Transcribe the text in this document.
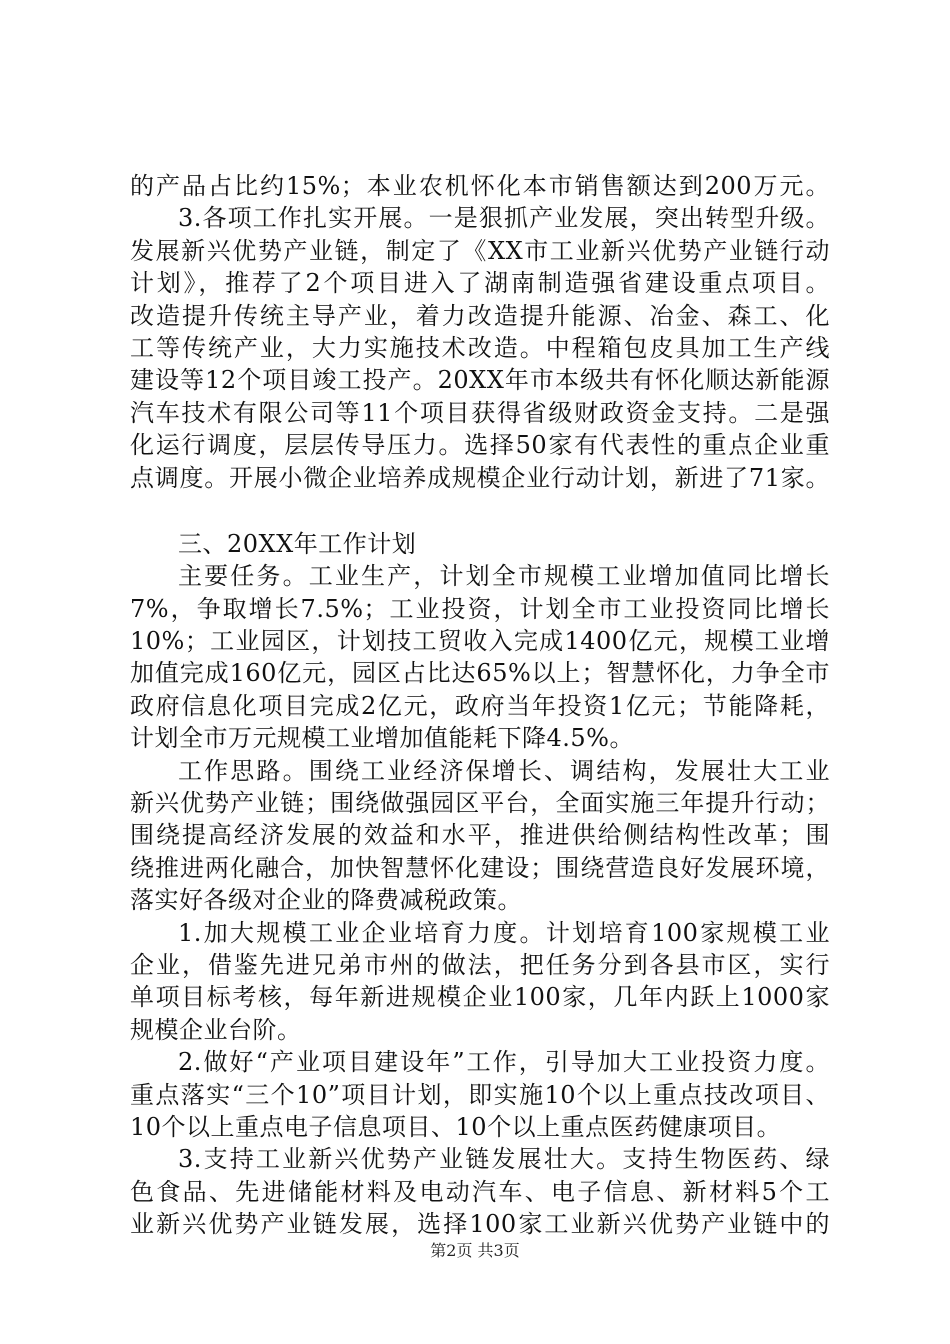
的产品占比约15%；本业农机怀化本市销售额达到200万元。
3.各项工作扎实开展。一是狠抓产业发展，突出转型升级。
发展新兴优势产业链，制定了《XX市工业新兴优势产业链行动
计划》，推荐了2个项目进入了湖南制造强省建设重点项目。
改造提升传统主导产业，着力改造提升能源、冶金、森工、化
工等传统产业，大力实施技术改造。中程箱包皮具加工生产线
建设等12个项目竣工投产。20XX年市本级共有怀化顺达新能源
汽车技术有限公司等11个项目获得省级财政资金支持。二是强
化运行调度，层层传导压力。选择50家有代表性的重点企业重
点调度。开展小微企业培养成规模企业行动计划，新进了71家。
三、20XX年工作计划
主要任务。工业生产，计划全市规模工业增加值同比增长
7%，争取增长7.5%；工业投资，计划全市工业投资同比增长
10%；工业园区，计划技工贸收入完成1400亿元，规模工业增
加值完成160亿元，园区占比达65%以上；智慧怀化，力争全市
政府信息化项目完成2亿元，政府当年投资1亿元；节能降耗，
计划全市万元规模工业增加值能耗下降4.5%。
工作思路。围绕工业经济保增长、调结构，发展壮大工业
新兴优势产业链；围绕做强园区平台，全面实施三年提升行动；
围绕提高经济发展的效益和水平，推进供给侧结构性改革；围
绕推进两化融合，加快智慧怀化建设；围绕营造良好发展环境，
落实好各级对企业的降费减税政策。
1.加大规模工业企业培育力度。计划培育100家规模工业
企业，借鉴先进兄弟市州的做法，把任务分到各县市区，实行
单项目标考核，每年新进规模企业100家，几年内跃上1000家
规模企业台阶。
2.做好“产业项目建设年”工作，引导加大工业投资力度。
重点落实“三个10”项目计划，即实施10个以上重点技改项目、
10个以上重点电子信息项目、10个以上重点医药健康项目。
3.支持工业新兴优势产业链发展壮大。支持生物医药、绿
色食品、先进储能材料及电动汽车、电子信息、新材料5个工
业新兴优势产业链发展，选择100家工业新兴优势产业链中的
第2页 共3页
